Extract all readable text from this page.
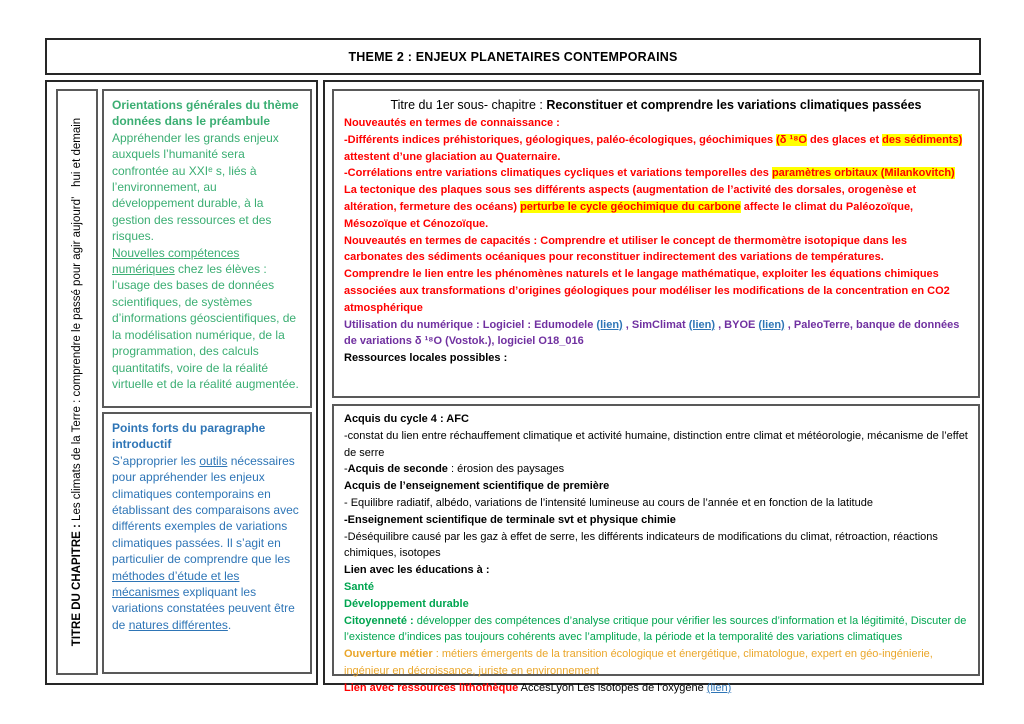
THEME 2 : ENJEUX PLANETAIRES CONTEMPORAINS
TITRE DU CHAPITRE : Les climats de la Terre : comprendre le passé pour agir aujourd’   hui et demain

Orientations générales du thème données dans le préambule

Appréhender les grands enjeux auxquels l’humanité sera confrontée au XXIᵉ s, liés à l’environnement, au développement durable, à la gestion des ressources et des risques.

Nouvelles compétences numériques chez les élèves : l’usage des bases de données scientifiques, de systèmes d’informations géoscientifiques, de la modélisation numérique, de la programmation, des calculs quantitatifs, voire de la réalité virtuelle et de la réalité augmentée.

Points forts du paragraphe introductif

S’approprier les outils nécessaires pour appréhender les enjeux climatiques contemporains en établissant des comparaisons avec différents exemples de variations climatiques passées. Il s’agit en particulier de comprendre que les méthodes d’étude et les mécanismes expliquant les variations constatées peuvent être de natures différentes.

Titre du 1er sous- chapitre : Reconstituer et comprendre les variations climatiques passées

Nouveautés en termes de connaissance :

-Différents indices préhistoriques, géologiques, paléo-écologiques, géochimiques (δ ¹⁸O des glaces et des sédiments) attestent d’une glaciation au Quaternaire.

-Corrélations entre variations climatiques cycliques et variations temporelles des paramètres orbitaux (Milankovitch)

La tectonique des plaques sous ses différents aspects (augmentation de l’activité des dorsales, orogenèse et altération, fermeture des océans) perturbe le cycle géochimique du carbone affecte le climat du Paléozoïque, Mésozoïque et Cénozoïque.

Nouveautés en termes de capacités : Comprendre et utiliser le concept de thermomètre isotopique dans les carbonates des sédiments océaniques pour reconstituer indirectement des variations de températures.

Comprendre le lien entre les phénomènes naturels et le langage mathématique, exploiter les équations chimiques associées aux transformations d’origines géologiques pour modéliser les modifications de la concentration en CO2 atmosphérique

Utilisation du numérique : Logiciel : Edumodele (lien) , SimClimat (lien) , BYOE (lien) , PaleoTerre, banque de données de variations δ ¹⁸O (Vostok.), logiciel O18_016

Ressources locales possibles :

Acquis du cycle 4 : AFC

-constat du lien entre réchauffement climatique et activité humaine, distinction entre climat et météorologie, mécanisme de l’effet de serre

-Acquis de seconde : érosion des paysages

Acquis de l’enseignement scientifique de première

- Equilibre radiatif, albédo, variations de l’intensité lumineuse au cours de l’année et en fonction de la latitude

-Enseignement scientifique de terminale svt et physique chimie

-Déséquilibre causé par les gaz à effet de serre, les différents indicateurs de modifications du climat, rétroaction, réactions chimiques, isotopes

Lien avec les éducations à :

Santé

Développement durable

Citoyenneté : développer des compétences d’analyse critique pour vérifier les sources d’information et la légitimité, Discuter de l’existence d’indices pas toujours cohérents avec l’amplitude, la période et la temporalité des variations climatiques

Ouverture métier : métiers émergents de la transition écologique et énergétique, climatologue, expert en géo-ingénierie, ingénieur en décroissance, juriste en environnement

Lien avec ressources lithothèque AccesLyon Les isotopes de l’oxygène (lien)
